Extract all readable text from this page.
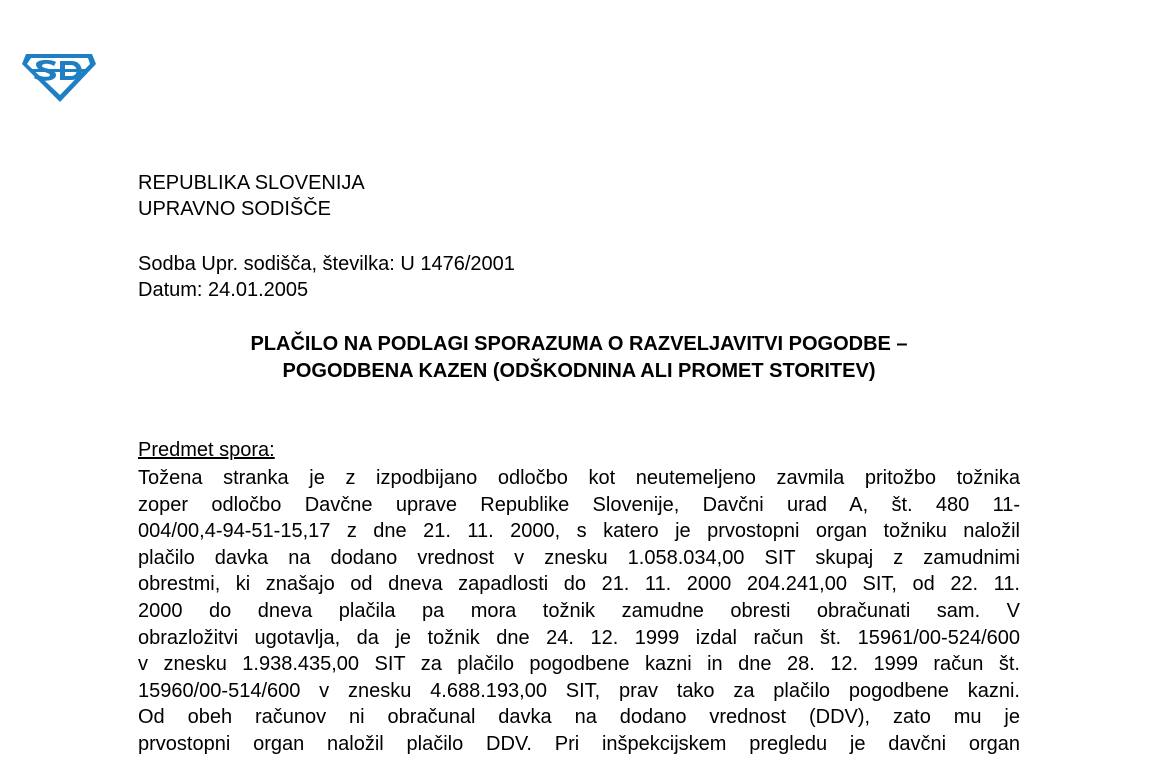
REPUBLIKA SLOVENIJA
UPRAVNO SODIŠČE
Sodba Upr. sodišča, številka: U 1476/2001
Datum: 24.01.2005
PLAČILO NA PODLAGI SPORAZUMA O RAZVELJAVITVI POGODBE –
POGODBENA KAZEN (ODŠKODNINA ALI PROMET STORITEV)
Predmet spora:
Tožena stranka je z izpodbijano odločbo kot neutemeljeno zavmila pritožbo tožnika
zoper odločbo Davčne uprave Republike Slovenije, Davčni urad A, št. 480 11-
004/00,4-94-51-15,17 z dne 21. 11. 2000, s katero je prvostopni organ tožniku naložil
plačilo davka na dodano vrednost v znesku 1.058.034,00 SIT skupaj z zamudnimi
obrestmi, ki znašajo od dneva zapadlosti do 21. 11. 2000 204.241,00 SIT, od 22. 11.
2000 do dneva plačila pa mora tožnik zamudne obresti obračunati sam. V
obrazložitvi ugotavlja, da je tožnik dne 24. 12. 1999 izdal račun št. 15961/00-524/600
v znesku 1.938.435,00 SIT za plačilo pogodbene kazni in dne 28. 12. 1999 račun št.
15960/00-514/600 v znesku 4.688.193,00 SIT, prav tako za plačilo pogodbene kazni.
Od obeh računov ni obračunal davka na dodano vrednost (DDV), zato mu je
prvostopni organ naložil plačilo DDV. Pri inšpekcijskem pregledu je davčni organ
